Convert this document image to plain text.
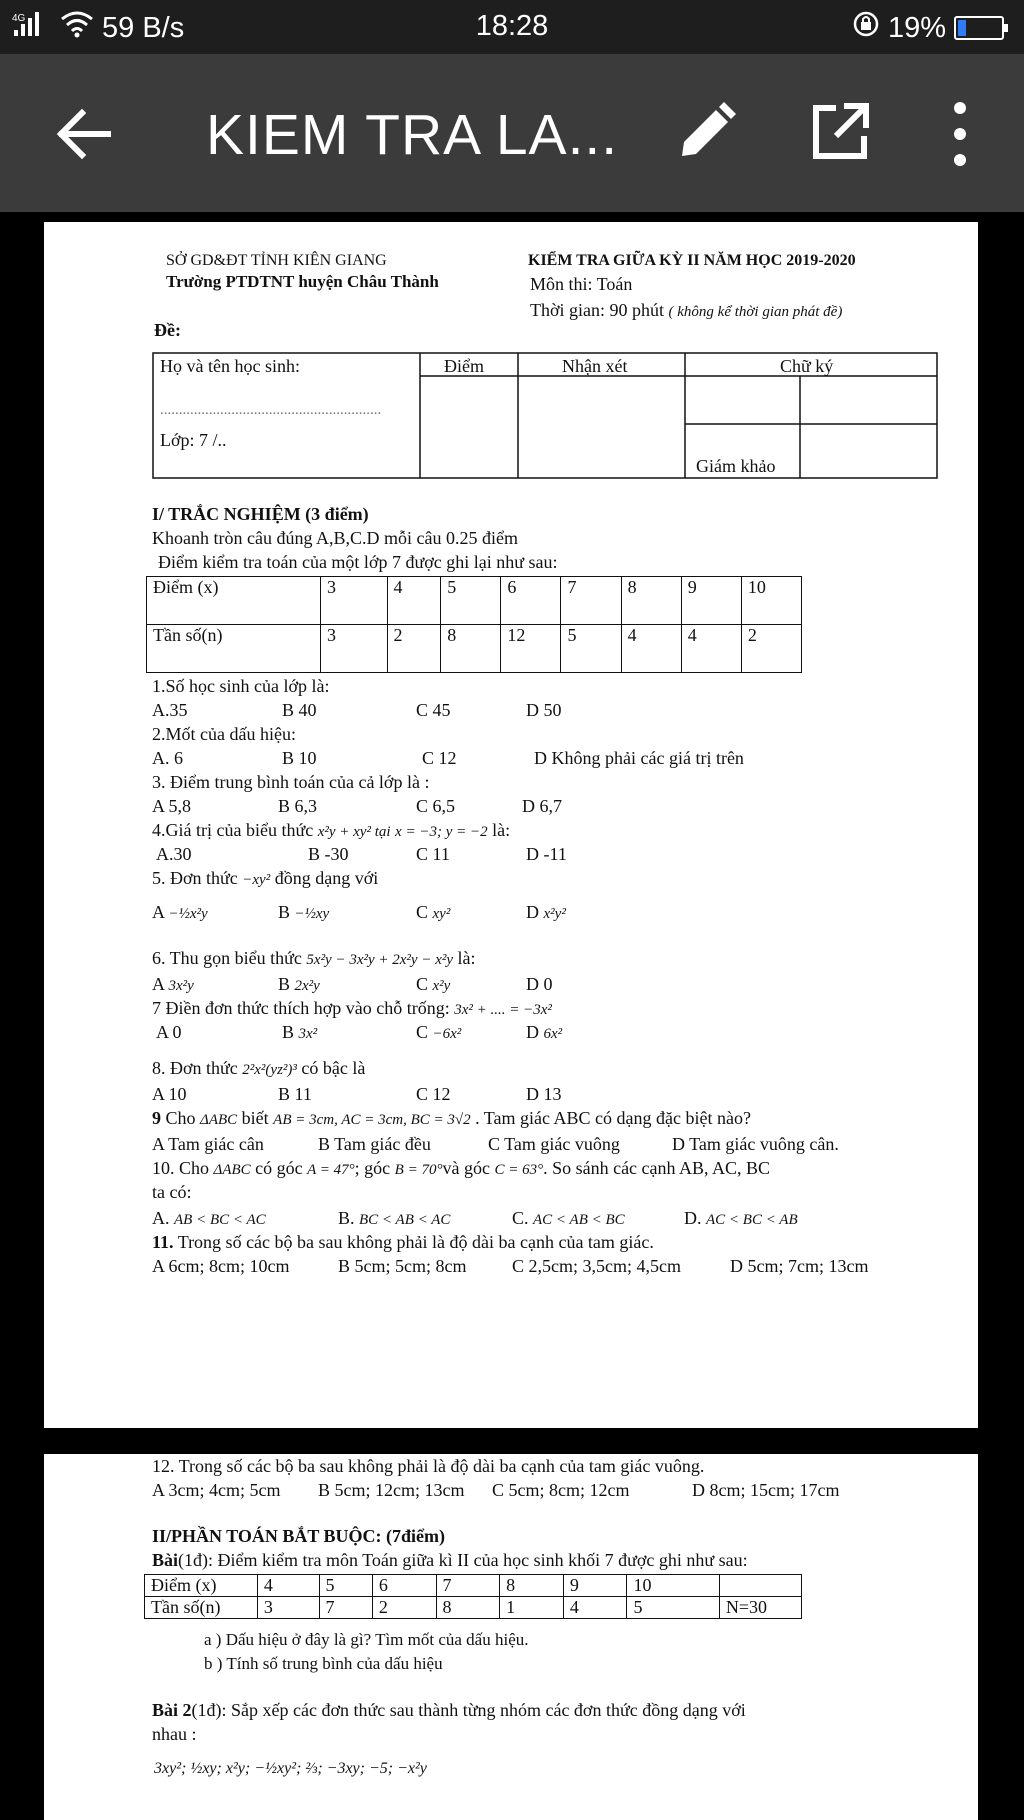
4G	59 B/s	18:28	19%
KIEM TRA LA...
SỞ GD&ĐT TỈNH KIÊN GIANG
Trường PTDTNT huyện Châu Thành
KIỂM TRA GIỮA KỲ II NĂM HỌC 2019-2020
Môn thi: Toán
Thời gian: 90 phút ( không kể thời gian phát đề)
Đề:
Họ và tên học sinh:
...........................................................
Lớp: 7 /..
Điểm	Nhận xét	Chữ ký
Giám khảo
I/ TRẮC NGHIỆM (3 điểm)
Khoanh tròn câu đúng A,B,C.D mỗi câu 0.25 điểm
Điểm kiểm tra toán của một lớp 7 được ghi lại như sau:
Điểm (x)	3	4	5	6	7	8	9	10
Tần số(n)	3	2	8	12	5	4	4	2
1.Số học sinh của lớp là:
A.35	B 40	C 45	D 50
2.Mốt của dấu hiệu:
A. 6	B 10	C 12	D Không phải các giá trị trên
3. Điểm trung bình toán của cả lớp là :
A 5,8	B 6,3	C 6,5	D 6,7
4.Giá trị của biểu thức x²y + xy² tại x = −3; y = −2 là:
A.30	B -30	C 11	D -11
5. Đơn thức −xy² đồng dạng với
A −½x²y	B −½xy	C xy²	D x²y²
6. Thu gọn biểu thức 5x²y − 3x²y + 2x²y − x²y là:
A 3x²y	B 2x²y	C x²y	D 0
7 Điền đơn thức thích hợp vào chỗ trống: 3x² + .... = −3x²
A 0	B 3x²	C −6x²	D 6x²
8. Đơn thức 2²x²(yz²)³ có bậc là
A 10	B 11	C 12	D 13
9 Cho ΔABC biết AB = 3cm, AC = 3cm, BC = 3√2 . Tam giác ABC có dạng đặc biệt nào?
A Tam giác cân	B Tam giác đều	C Tam giác vuông	D Tam giác vuông cân.
10. Cho ΔABC có góc A = 47°; góc B = 70°và góc C = 63°. So sánh các cạnh AB, AC, BC
ta có:
A. AB < BC < AC	B. BC < AB < AC	C. AC < AB < BC	D. AC < BC < AB
11. Trong số các bộ ba sau không phải là độ dài ba cạnh của tam giác.
A 6cm; 8cm; 10cm	B 5cm; 5cm; 8cm	C 2,5cm; 3,5cm; 4,5cm	D 5cm; 7cm; 13cm
12. Trong số các bộ ba sau không phải là độ dài ba cạnh của tam giác vuông.
A 3cm; 4cm; 5cm B 5cm; 12cm; 13cm C 5cm; 8cm; 12cm	D 8cm; 15cm; 17cm
II/PHẦN TOÁN BẮT BUỘC: (7điểm)
Bài(1đ): Điểm kiểm tra môn Toán giữa kì II của học sinh khối 7 được ghi như sau:
Điểm (x)	4	5	6	7	8	9	10	
Tần số(n)	3	7	2	8	1	4	5	N=30
a ) Dấu hiệu ở đây là gì? Tìm mốt của dấu hiệu.
b ) Tính số trung bình của dấu hiệu
Bài 2(1đ): Sắp xếp các đơn thức sau thành từng nhóm các đơn thức đồng dạng với
nhau :
3xy²; ½xy; x²y; −½xy²; ⅔; −3xy; −5; −x²y
